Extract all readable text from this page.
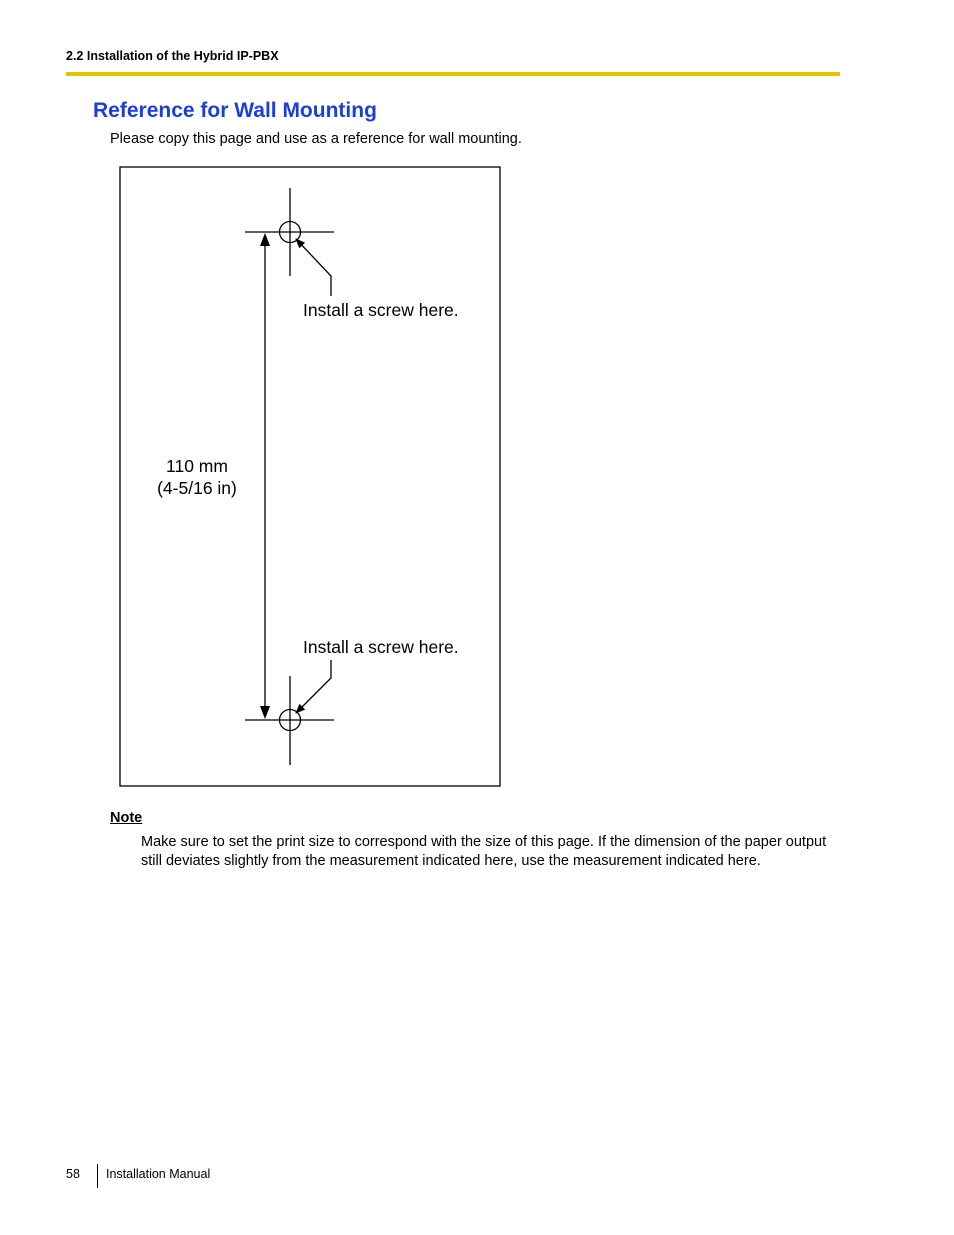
2.2 Installation of the Hybrid IP-PBX
Reference for Wall Mounting
Please copy this page and use as a reference for wall mounting.
Install a screw here.
Install a screw here.
110 mm
(4-5/16 in)
Note
Make sure to set the print size to correspond with the size of this page. If the dimension of the paper output still deviates slightly from the measurement indicated here, use the measurement indicated here.
58 Installation Manual
